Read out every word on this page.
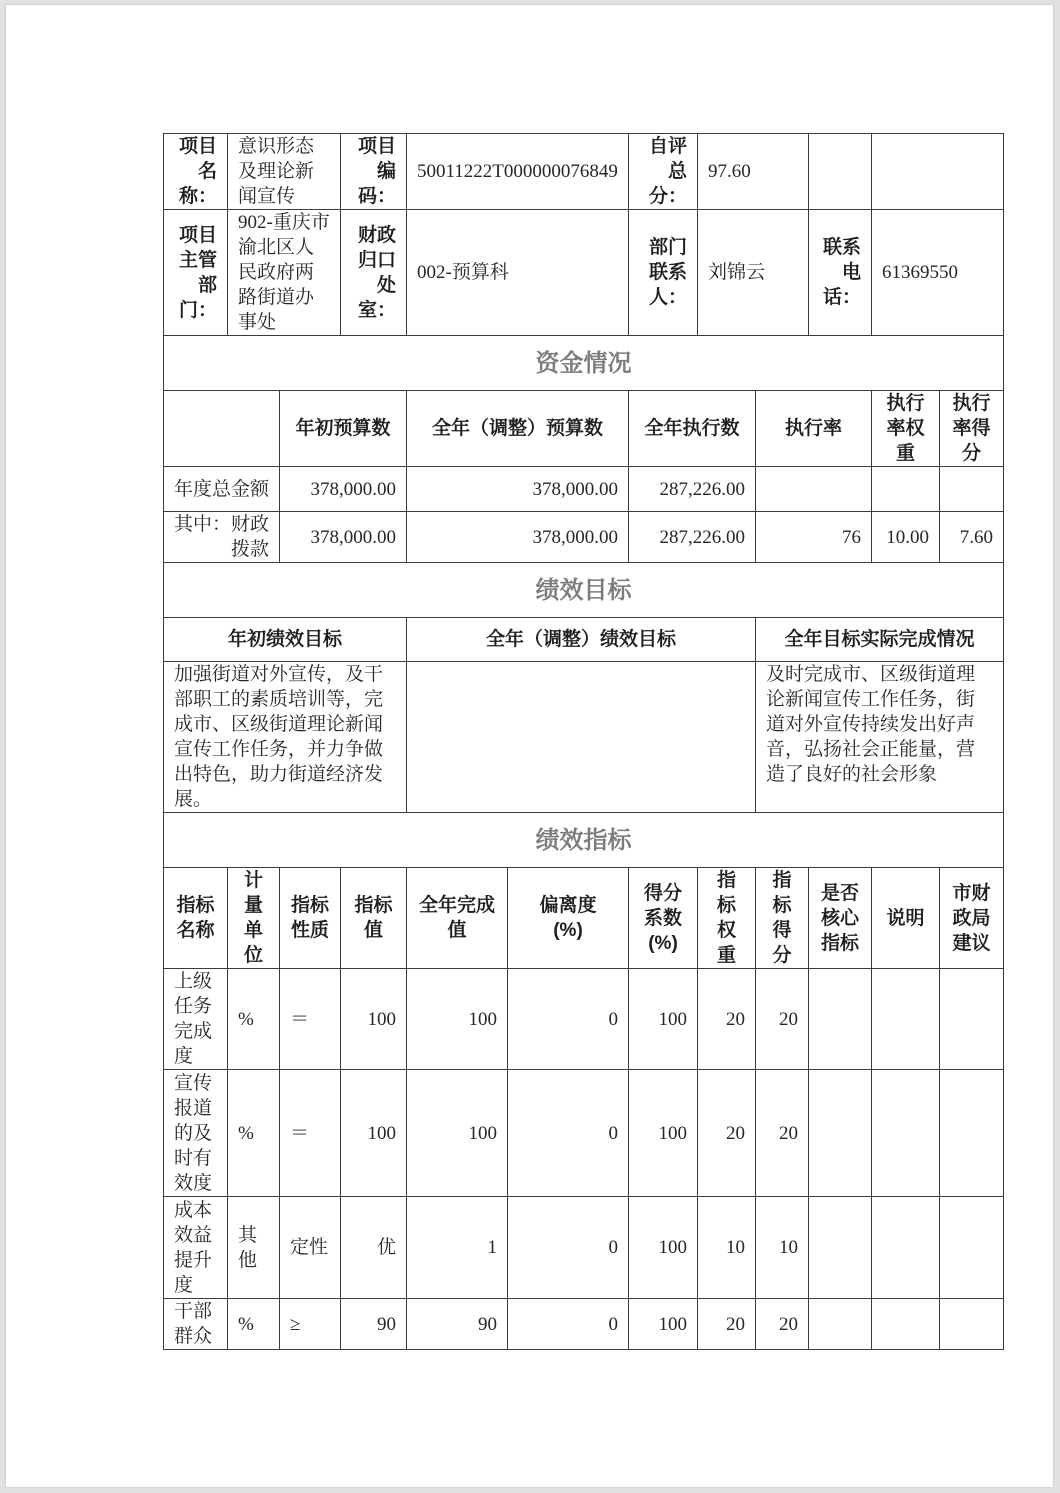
项目名称：	意识形态及理论新闻宣传		项目编码：	50011222T000000076849		自评总分：	97.60				

项目主管部门：	902-重庆市渝北区人民政府两路街道办事处		财政归口处室：	002-预算科		部门联系人：	刘锦云		联系电话：	61369550	
资金情况											
		年初预算数		全年（调整）预算数		全年执行数		执行率		执行率权重	执行率得分

年度总金额		378,000.00		378,000.00		287,226.00					
其中：财政拨款		378,000.00		378,000.00		287,226.00		76		10.00	7.60
绩效目标											
年初绩效目标				全年（调整）绩效目标				全年目标实际完成情况			
加强街道对外宣传，及干部职工的素质培训等，完成市、区级街道理论新闻宣传工作任务，并力争做出特色，助力街道经济发展。								及时完成市、区级街道理论新闻宣传工作任务，街道对外宣传持续发出好声音，弘扬社会正能量，营造了良好的社会形象			
绩效指标											

指标名称	计量单位	指标性质	指标值	全年完成值	偏离度(%)	得分系数(%)	指标权重	指标得分	是否核心指标	说明	市财政局建议

上级任务完成度	%	＝	100	100	0	100	20	20			

宣传报道的及时有效度	%	＝	100	100	0	100	20	20			

成本效益提升度	其他	定性	优	1	0	100	10	10			

干部群众	%	≥	90	90	0	100	20	20			
